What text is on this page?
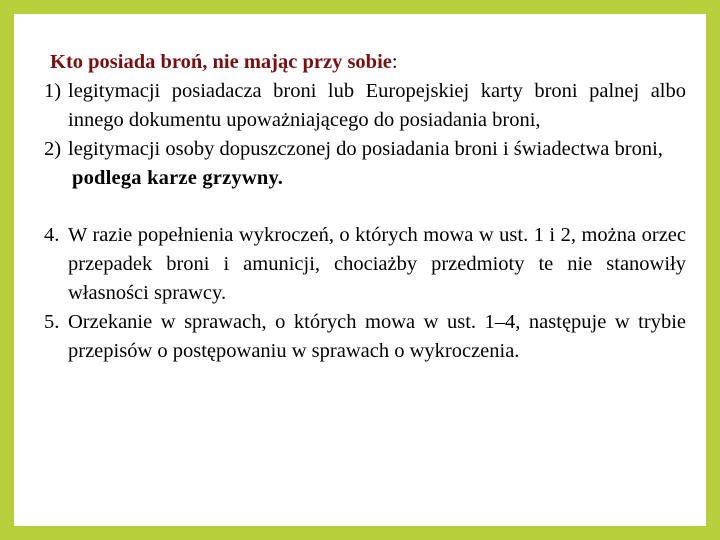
Kto posiada broń, nie mając przy sobie:

1) legitymacji posiadacza broni lub Europejskiej karty broni palnej albo innego dokumentu upoważniającego do posiadania broni,

2) legitymacji osoby dopuszczonej do posiadania broni i świadectwa broni,

podlega karze grzywny.

4. W razie popełnienia wykroczeń, o których mowa w ust. 1 i 2, można orzec przepadek broni i amunicji, chociażby przedmioty te nie stanowiły własności sprawcy.

5. Orzekanie w sprawach, o których mowa w ust. 1–4, następuje w trybie przepisów o postępowaniu w sprawach o wykroczenia.
